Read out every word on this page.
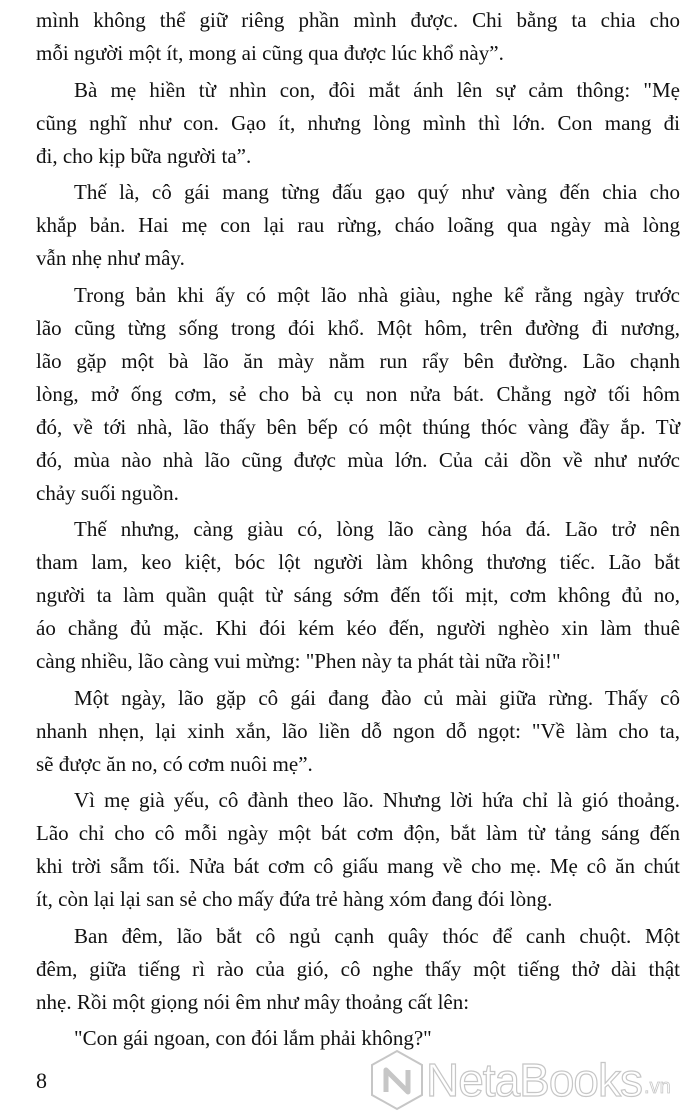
mình không thể giữ riêng phần mình được. Chi bằng ta chia cho
mỗi người một ít, mong ai cũng qua được lúc khổ này”.
Bà mẹ hiền từ nhìn con, đôi mắt ánh lên sự cảm thông: "Mẹ
cũng nghĩ như con. Gạo ít, nhưng lòng mình thì lớn. Con mang đi
đi, cho kịp bữa người ta”.
Thế là, cô gái mang từng đấu gạo quý như vàng đến chia cho
khắp bản. Hai mẹ con lại rau rừng, cháo loãng qua ngày mà lòng
vẫn nhẹ như mây.
Trong bản khi ấy có một lão nhà giàu, nghe kể rằng ngày trước
lão cũng từng sống trong đói khổ. Một hôm, trên đường đi nương,
lão gặp một bà lão ăn mày nằm run rẩy bên đường. Lão chạnh
lòng, mở ống cơm, sẻ cho bà cụ non nửa bát. Chẳng ngờ tối hôm
đó, về tới nhà, lão thấy bên bếp có một thúng thóc vàng đầy ắp. Từ
đó, mùa nào nhà lão cũng được mùa lớn. Của cải dồn về như nước
chảy suối nguồn.
Thế nhưng, càng giàu có, lòng lão càng hóa đá. Lão trở nên
tham lam, keo kiệt, bóc lột người làm không thương tiếc. Lão bắt
người ta làm quần quật từ sáng sớm đến tối mịt, cơm không đủ no,
áo chẳng đủ mặc. Khi đói kém kéo đến, người nghèo xin làm thuê
càng nhiều, lão càng vui mừng: "Phen này ta phát tài nữa rồi!"
Một ngày, lão gặp cô gái đang đào củ mài giữa rừng. Thấy cô
nhanh nhẹn, lại xinh xắn, lão liền dỗ ngon dỗ ngọt: "Về làm cho ta,
sẽ được ăn no, có cơm nuôi mẹ”.
Vì mẹ già yếu, cô đành theo lão. Nhưng lời hứa chỉ là gió thoảng.
Lão chỉ cho cô mỗi ngày một bát cơm độn, bắt làm từ tảng sáng đến
khi trời sẫm tối. Nửa bát cơm cô giấu mang về cho mẹ. Mẹ cô ăn chút
ít, còn lại lại san sẻ cho mấy đứa trẻ hàng xóm đang đói lòng.
Ban đêm, lão bắt cô ngủ cạnh quây thóc để canh chuột. Một
đêm, giữa tiếng rì rào của gió, cô nghe thấy một tiếng thở dài thật
nhẹ. Rồi một giọng nói êm như mây thoảng cất lên:
"Con gái ngoan, con đói lắm phải không?"
8	NetaBooks .vn
